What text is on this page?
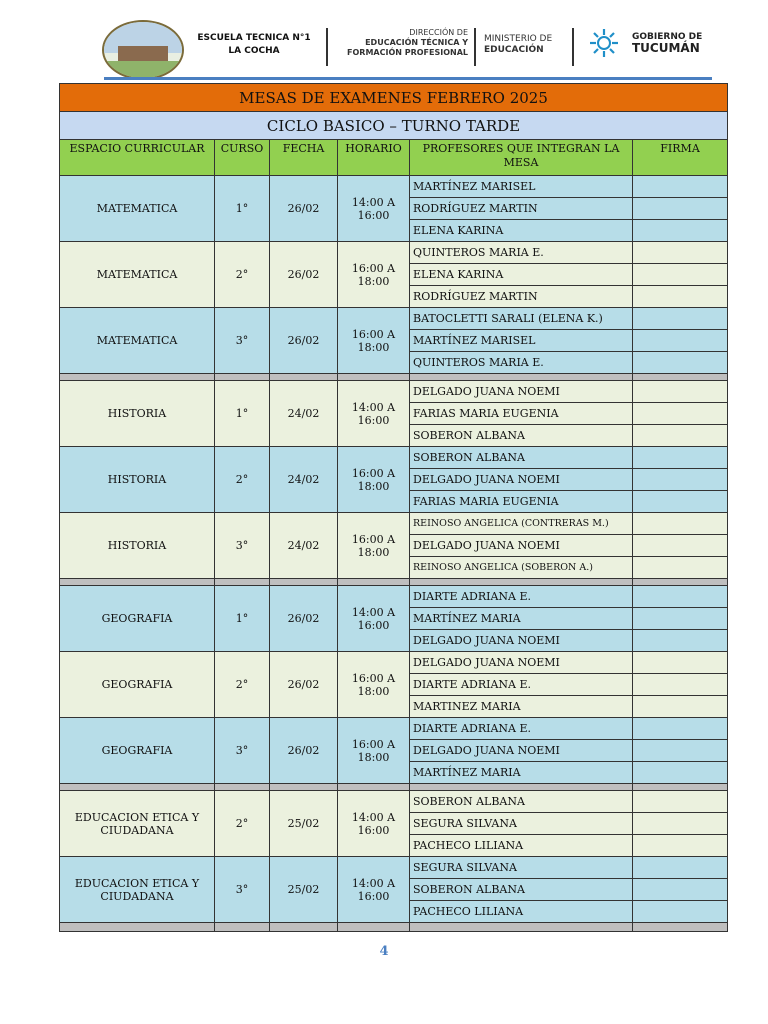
ESCUELA TECNICA N°1
LA COCHA
DIRECCIÓN DE
EDUCACIÓN TÉCNICA Y
FORMACIÓN PROFESIONAL
MINISTERIO DE
EDUCACIÓN
GOBIERNO DE
TUCUMÁN
MESAS DE EXAMENES FEBRERO 2025					
CICLO BASICO – TURNO TARDE					
ESPACIO CURRICULAR	CURSO	FECHA	HORARIO	PROFESORES QUE INTEGRAN LA MESA	FIRMA
MATEMATICA	1°	26/02	14:00 A 16:00	MARTÍNEZ MARISEL	
				RODRÍGUEZ MARTIN	
				ELENA KARINA	
MATEMATICA	2°	26/02	16:00 A 18:00	QUINTEROS MARIA E.	
				ELENA KARINA	
				RODRÍGUEZ MARTIN	
MATEMATICA	3°	26/02	16:00 A 18:00	BATOCLETTI SARALI (ELENA K.)	
				MARTÍNEZ MARISEL	
				QUINTEROS MARIA E.	

HISTORIA	1°	24/02	14:00 A 16:00	DELGADO JUANA NOEMI	
				FARIAS MARIA EUGENIA	
				SOBERON ALBANA	
HISTORIA	2°	24/02	16:00 A 18:00	SOBERON ALBANA	
				DELGADO JUANA NOEMI	
				FARIAS MARIA EUGENIA	
HISTORIA	3°	24/02	16:00 A 18:00	REINOSO ANGELICA (CONTRERAS M.)	
				DELGADO JUANA NOEMI	
				REINOSO ANGELICA (SOBERON A.)	

GEOGRAFIA	1°	26/02	14:00 A 16:00	DIARTE ADRIANA E.	
				MARTÍNEZ MARIA	
				DELGADO JUANA NOEMI	
GEOGRAFIA	2°	26/02	16:00 A 18:00	DELGADO JUANA NOEMI	
				DIARTE ADRIANA E.	
				MARTINEZ MARIA	
GEOGRAFIA	3°	26/02	16:00 A 18:00	DIARTE ADRIANA E.	
				DELGADO JUANA NOEMI	
				MARTÍNEZ MARIA	

EDUCACION ETICA Y CIUDADANA	2°	25/02	14:00 A 16:00	SOBERON ALBANA	
				SEGURA SILVANA	
				PACHECO LILIANA	
EDUCACION ETICA Y CIUDADANA	3°	25/02	14:00 A 16:00	SEGURA SILVANA	
				SOBERON ALBANA	
				PACHECO LILIANA	

4
